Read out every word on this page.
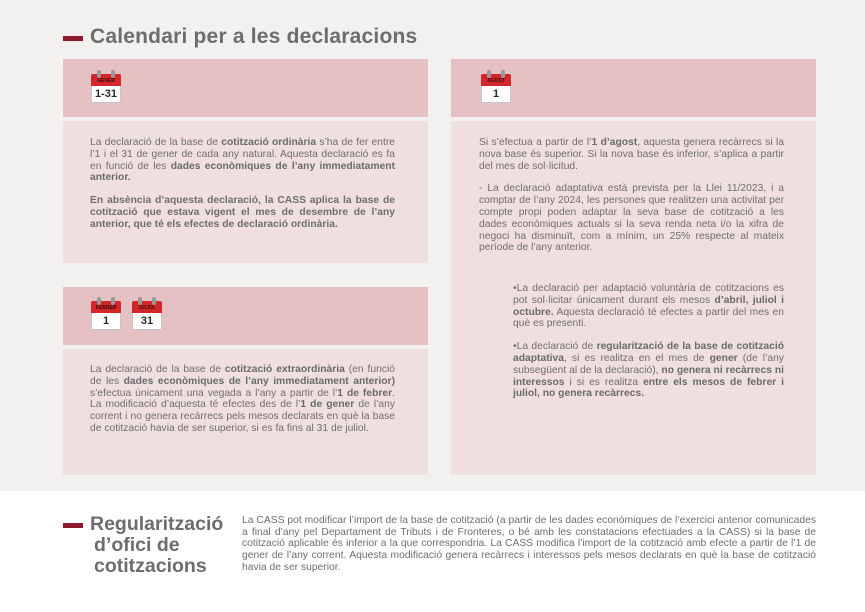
Calendari per a les declaracions
GENER
1-31

La declaració de la base de cotització ordinària s’ha de fer entre l’1 i el 31 de gener de cada any natural. Aquesta declaració es fa en funció de les dades econòmiques de l’any immediatament anterior.

En absència d’aquesta declaració, la CASS aplica la base de cotització que estava vigent el mes de desembre de l’any anterior, que té els efectes de declaració ordinària.

FEBRER
1
JULIOL
31

La declaració de la base de cotització extraordinària (en funció de les dades econòmiques de l’any immediatament anterior) s’efectua únicament una vegada a l’any a partir de l’1 de febrer. La modificació d’aquesta té efectes des de l’1 de gener de l’any corrent i no genera recàrrecs pels mesos declarats en què la base de cotització havia de ser superior, si es fa fins al 31 de juliol.

AGOST
1

Si s’efectua a partir de l’1 d’agost, aquesta genera recàrrecs si la nova base és superior. Si la nova base és inferior, s’aplica a partir del mes de sol·licitud.

- La declaració adaptativa està prevista per la Llei 11/2023, i a comptar de l’any 2024, les persones que realitzen una activitat per compte propi poden adaptar la seva base de cotització a les dades econòmiques actuals si la seva renda neta i/o la xifra de negoci ha disminuït, com a mínim, un 25% respecte al mateix període de l’any anterior.

•La declaració per adaptació voluntària de cotitzacions es pot sol·licitar únicament durant els mesos d’abril, juliol i octubre. Aquesta declaració té efectes a partir del mes en què es presenti.

•La declaració de regularització de la base de cotització adaptativa, si es realitza en el mes de gener (de l’any subsegüent al de la declaració), no genera ni recàrrecs ni interessos i si es realitza entre els mesos de febrer i juliol, no genera recàrrecs.

Regularització
d’ofici de
cotitzacions

La CASS pot modificar l’import de la base de cotització (a partir de les dades econòmiques de l’exercici anterior comunicades a final d’any pel Departament de Tributs i de Fronteres, o bé amb les constatacions efectuades a la CASS) si la base de cotització aplicable és inferior a la que correspondria. La CASS modifica l’import de la cotització amb efecte a partir de l’1 de gener de l’any corrent. Aquesta modificació genera recàrrecs i interessos pels mesos declarats en què la base de cotització havia de ser superior.
